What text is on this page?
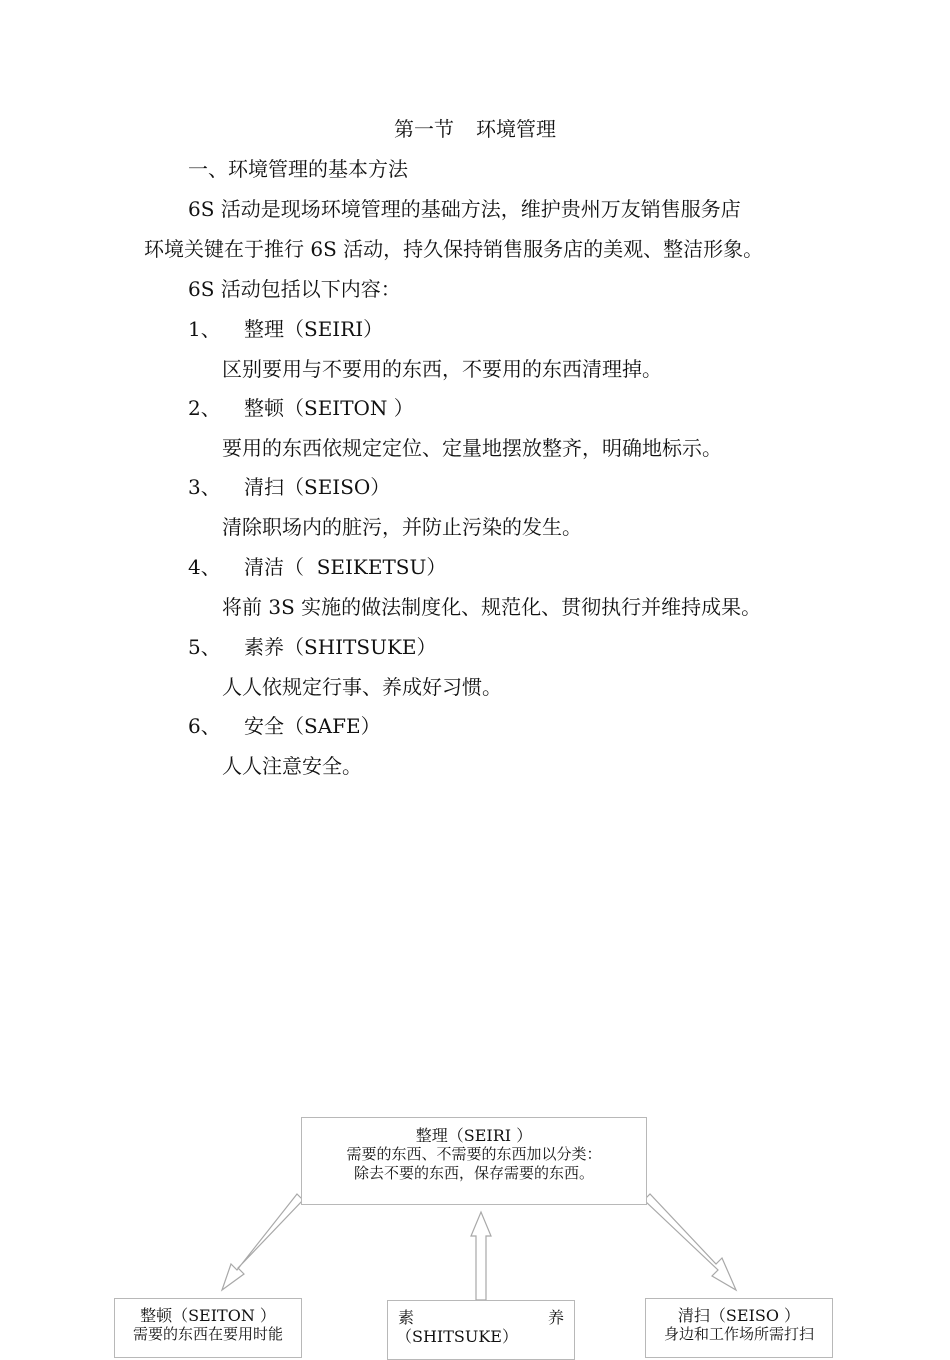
第一节 环境管理
一、环境管理的基本方法
6S 活动是现场环境管理的基础方法，维护贵州万友销售服务店
环境关键在于推行 6S 活动，持久保持销售服务店的美观、整洁形象。
6S 活动包括以下内容：
1、 整理（SEIRI）
区别要用与不要用的东西，不要用的东西清理掉。
2、 整顿（SEITON ）
要用的东西依规定定位、定量地摆放整齐，明确地标示。
3、 清扫（SEISO）
清除职场内的脏污，并防止污染的发生。
4、 清洁（  SEIKETSU）
将前 3S 实施的做法制度化、规范化、贯彻执行并维持成果。
5、 素养（SHITSUKE）
人人依规定行事、养成好习惯。
6、 安全（SAFE）
人人注意安全。
整理（SEIRI ）
需要的东西、不需要的东西加以分类：
除去不要的东西，保存需要的东西。
整顿（SEITON ）
需要的东西在要用时能
素	养
（SHITSUKE）
清扫（SEISO ）
身边和工作场所需打扫
